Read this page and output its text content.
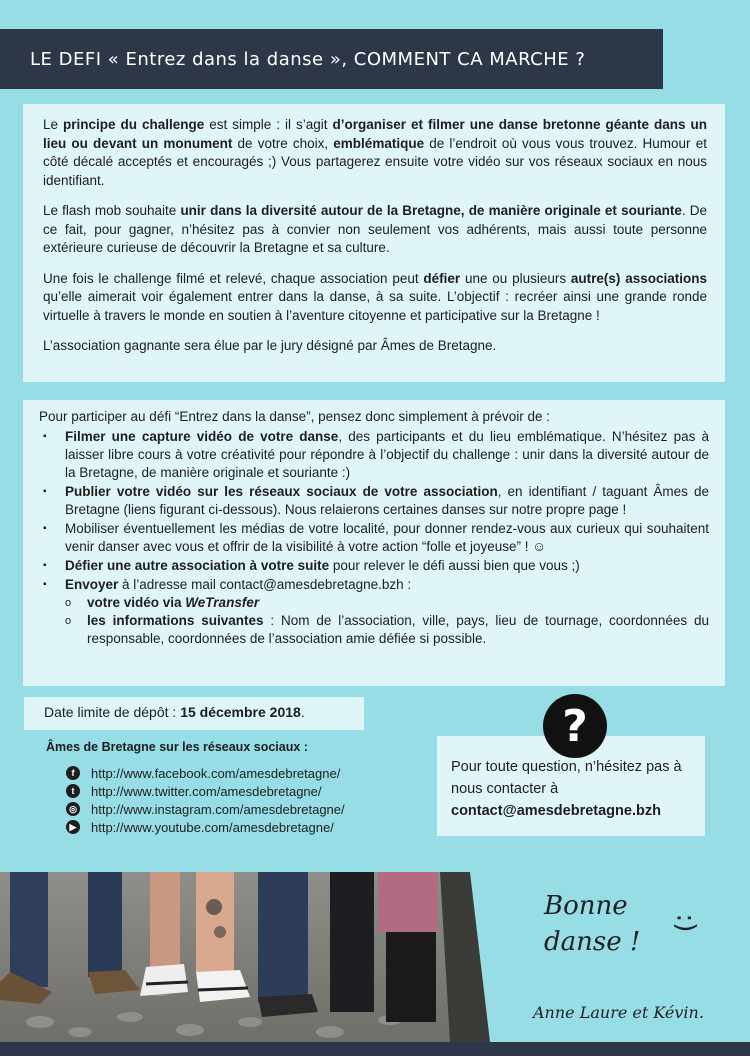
LE DEFI « Entrez dans la danse », COMMENT CA MARCHE ?

Le principe du challenge est simple : il s’agit d’organiser et filmer une danse bretonne géante dans un lieu ou devant un monument de votre choix, emblématique de l’endroit où vous vous trouvez. Humour et côté décalé acceptés et encouragés ;) Vous partagerez ensuite votre vidéo sur vos réseaux sociaux en nous identifiant.

Le flash mob souhaite unir dans la diversité autour de la Bretagne, de manière originale et souriante. De ce fait, pour gagner, n’hésitez pas à convier non seulement vos adhérents, mais aussi toute personne extérieure curieuse de découvrir la Bretagne et sa culture.

Une fois le challenge filmé et relevé, chaque association peut défier une ou plusieurs autre(s) associations qu’elle aimerait voir également entrer dans la danse, à sa suite. L’objectif : recréer ainsi une grande ronde virtuelle à travers le monde en soutien à l’aventure citoyenne et participative sur la Bretagne !

L’association gagnante sera élue par le jury désigné par Âmes de Bretagne.

Pour participer au défi “Entrez dans la danse”, pensez donc simplement à prévoir de :

▪ Filmer une capture vidéo de votre danse, des participants et du lieu emblématique. N’hésitez pas à laisser libre cours à votre créativité pour répondre à l’objectif du challenge : unir dans la diversité autour de la Bretagne, de manière originale et souriante :)
▪ Publier votre vidéo sur les réseaux sociaux de votre association, en identifiant / taguant Âmes de Bretagne (liens figurant ci-dessous). Nous relaierons certaines danses sur notre propre page !
▪ Mobiliser éventuellement les médias de votre localité, pour donner rendez-vous aux curieux qui souhaitent venir danser avec vous et offrir de la visibilité à votre action “folle et joyeuse” ! ☺
▪ Défier une autre association à votre suite pour relever le défi aussi bien que vous ;)
▪ Envoyer à l’adresse mail contact@amesdebretagne.bzh :
o votre vidéo via WeTransfer
o les informations suivantes : Nom de l’association, ville, pays, lieu de tournage, coordonnées du responsable, coordonnées de l’association amie défiée si possible.
Date limite de dépôt : 15 décembre 2018.
Âmes de Bretagne sur les réseaux sociaux :
f	http://www.facebook.com/amesdebretagne/
t	http://www.twitter.com/amesdebretagne/
◎ http://www.instagram.com/amesdebretagne/
▶ http://www.youtube.com/amesdebretagne/
Pour toute question, n’hésitez pas à nous contacter à
contact@amesdebretagne.bzh
?
Bonne
danse !
:)
Anne Laure et Kévin.
